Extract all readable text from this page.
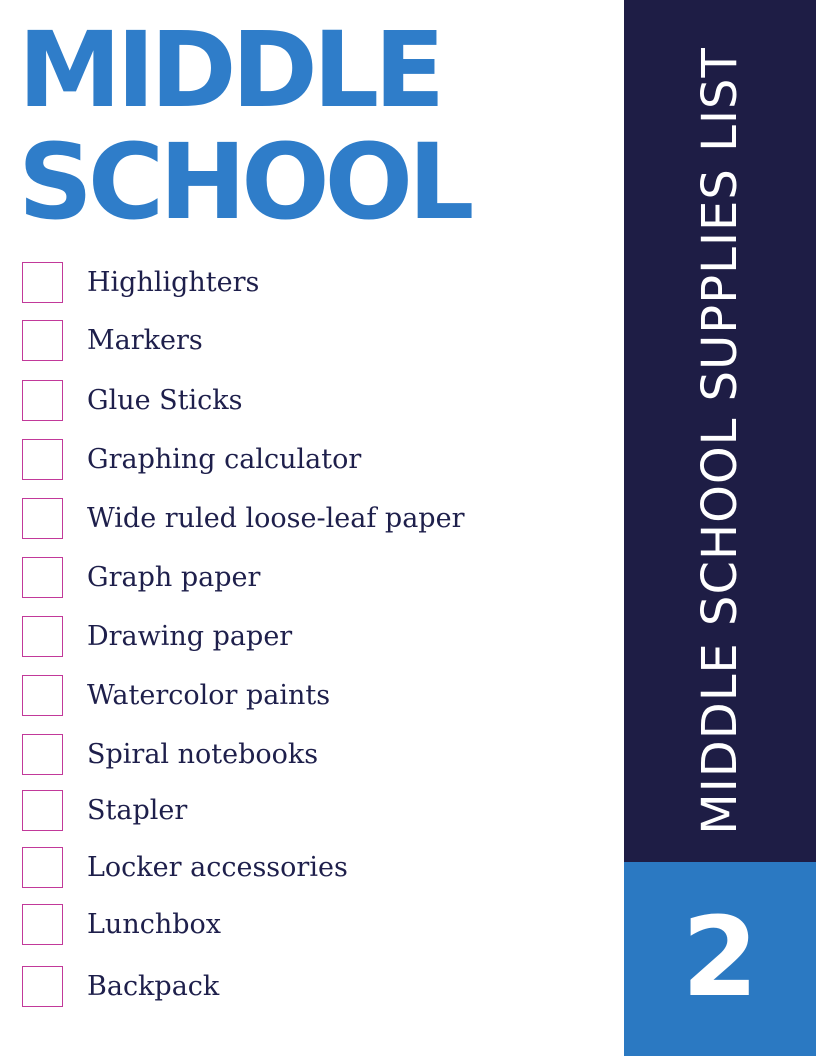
MIDDLE
SCHOOL
Highlighters
Markers
Glue Sticks
Graphing calculator
Wide ruled loose-leaf paper
Graph paper
Drawing paper
Watercolor paints
Spiral notebooks
Stapler
Locker accessories
Lunchbox
Backpack
MIDDLE SCHOOL SUPPLIES LIST
2
